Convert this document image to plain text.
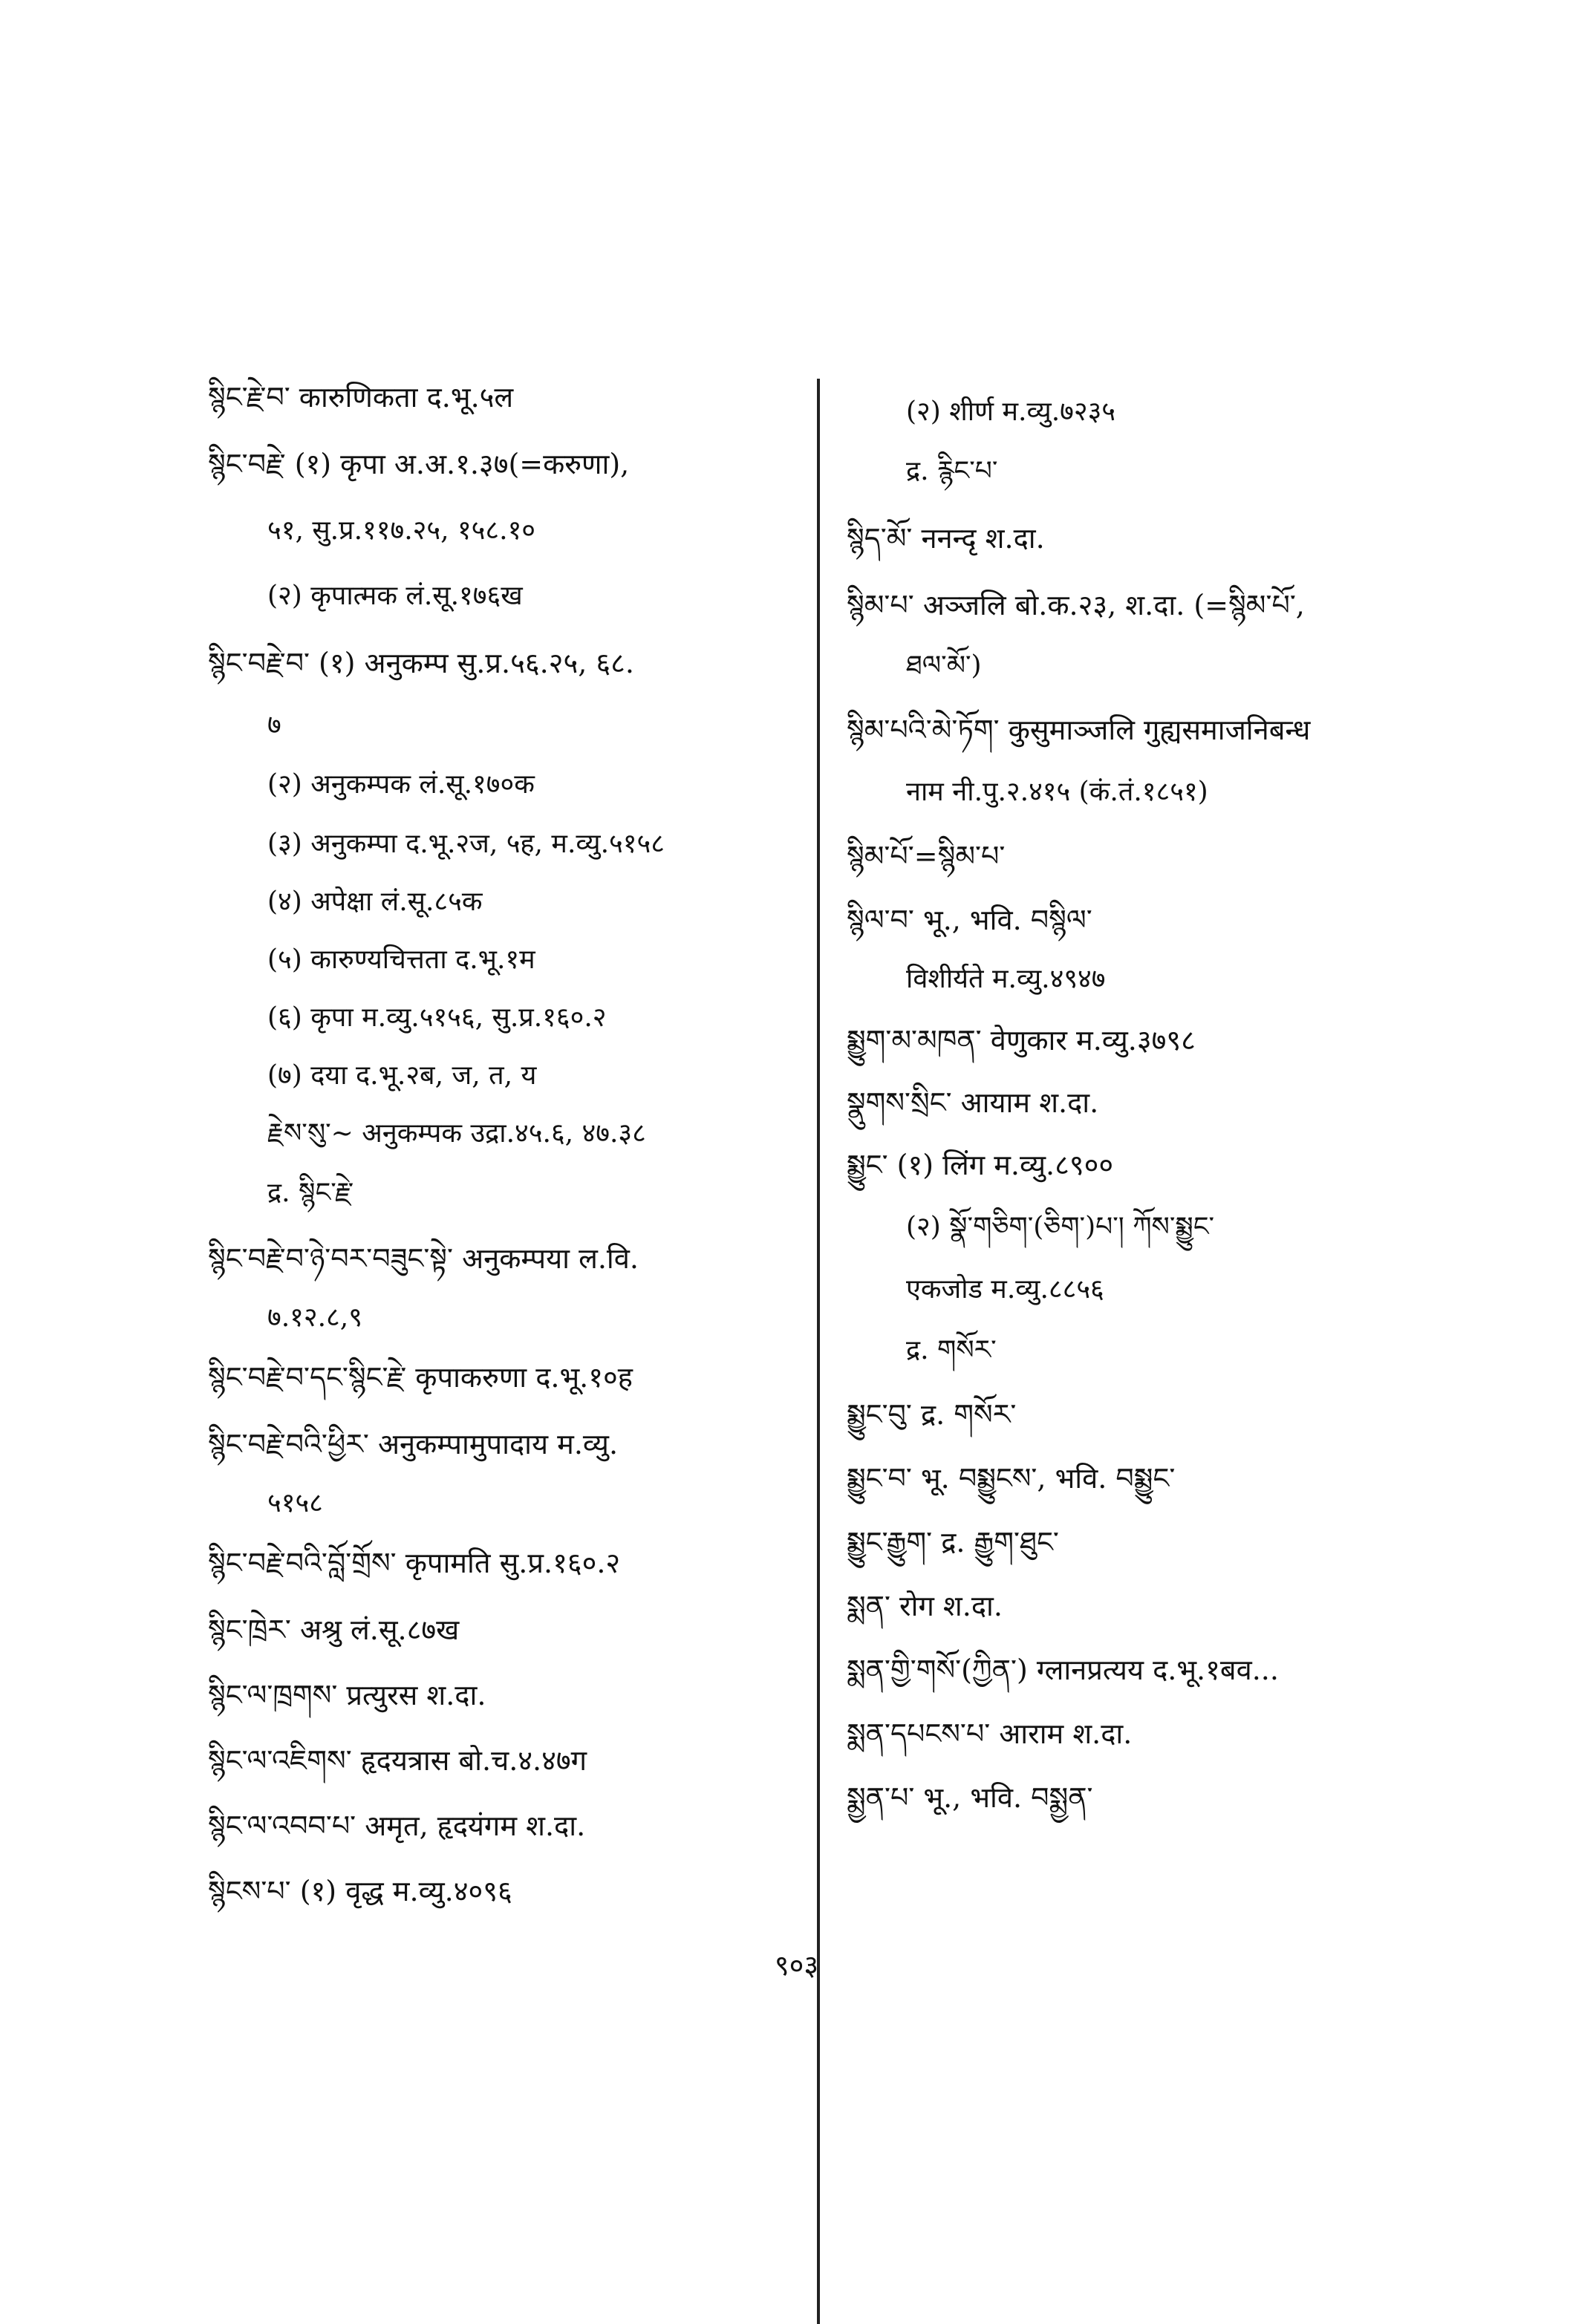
སྙིང་རྗེ་བ་ कारुणिकता द.भू.५ल
སྙིང་བརྗེ་ (१) कृपा अ.अ.१.३७(=करुणा),
५१, सु.प्र.११७.२५, १५८.१०
(२) कृपात्मक लं.सू.१७६ख
སྙིང་བརྗེ་བ་ (१) अनुकम्प सु.प्र.५६.२५, ६८.
७
(२) अनुकम्पक लं.सू.१७०क
(३) अनुकम्पा द.भू.२ज, ५ह, म.व्यु.५१५८
(४) अपेक्षा लं.सू.८५क
(५) कारुण्यचित्तता द.भू.१म
(६) कृपा म.व्यु.५१५६, सु.प्र.१६०.२
(७) दया द.भू.२ब, ज, त, य
རྗེས་སུ་~ अनुकम्पक उद्रा.४५.६, ४७.३८
द्र. སྙིང་རྗེ་
སྙིང་བརྗེ་བ་ཉེ་བར་བཟུང་སྟེ་ अनुकम्पया ल.वि.
७.१२.८,९
སྙིང་བརྗེ་བ་དང་སྙིང་རྗེ་ कृपाकरुणा द.भू.१०ह
སྙིང་བརྗེ་བའི་ཕྱིར་ अनुकम्पामुपादाय म.व्यु.
५१५८
སྙིང་བརྗེ་བའི་བློ་གྲོས་ कृपामति सु.प्र.१६०.२
སྙིང་ཁྲེར་ अश्रु लं.सू.८७ख
སྙིང་ལ་ཁྲགས་ प्रत्युरस श.दा.
སྙིང་ལ་འཇིགས་ हृदयत्रास बो.च.४.४७ग
སྙིང་ལ་འབབ་པ་ अमृत, हृदयंगम श.दा.
སྙིངས་པ་ (१) वृद्ध म.व्यु.४०९६
(२) शीर्ण म.व्यु.७२३५
द्र. རྙིང་པ་
སྙིད་མོ་ ननन्दृ श.दा.
སྙིམ་པ་ अञ्जलि बो.क.२३, श.दा. (=སྙིམ་པོ་,
ཐལ་མོ་)
སྙིམ་པའི་མེ་ཏོག་ कुसुमाञ्जलि गुह्यसमाजनिबन्ध
नाम नी.पु.२.४१५ (कं.तं.१८५१)
སྙིམ་པོ་=སྙིམ་པ་
སྙིལ་བ་ भू., भवि. བསྙིལ་
विशीर्यते म.व्यु.४९४७
སྨྱུག་མ་མཁན་ वेणुकार म.व्यु.३७९८
སྣུགས་སྲིང་ आयाम श.दा.
སྨྱུང་ (१) लिंग म.व्यु.८९००
(२) སྣོ་གཅིག་(ཅིག་)པ་། ཀོས་སྨྱུང་
एकजोड म.व्यु.८८५६
द्र. གསོར་
སྨྱུང་བུ་ द्र. གསོར་
སྨྱུང་བ་ भू. བསྨྱུངས་, भवि. བསྨྱུང་
སྨྱུང་རྒྱུག་ द्र. རྒྱུག་ཐུང་
སྨན་ रोग श.दा.
སྨན་གྱི་གསོ་(ཀྱིན་) ग्लानप्रत्यय द.भू.१बव...
སྨན་དཔངས་པ་ आराम श.दा.
སྨྱན་པ་ भू., भवि. བསྨྱན་
९०३
